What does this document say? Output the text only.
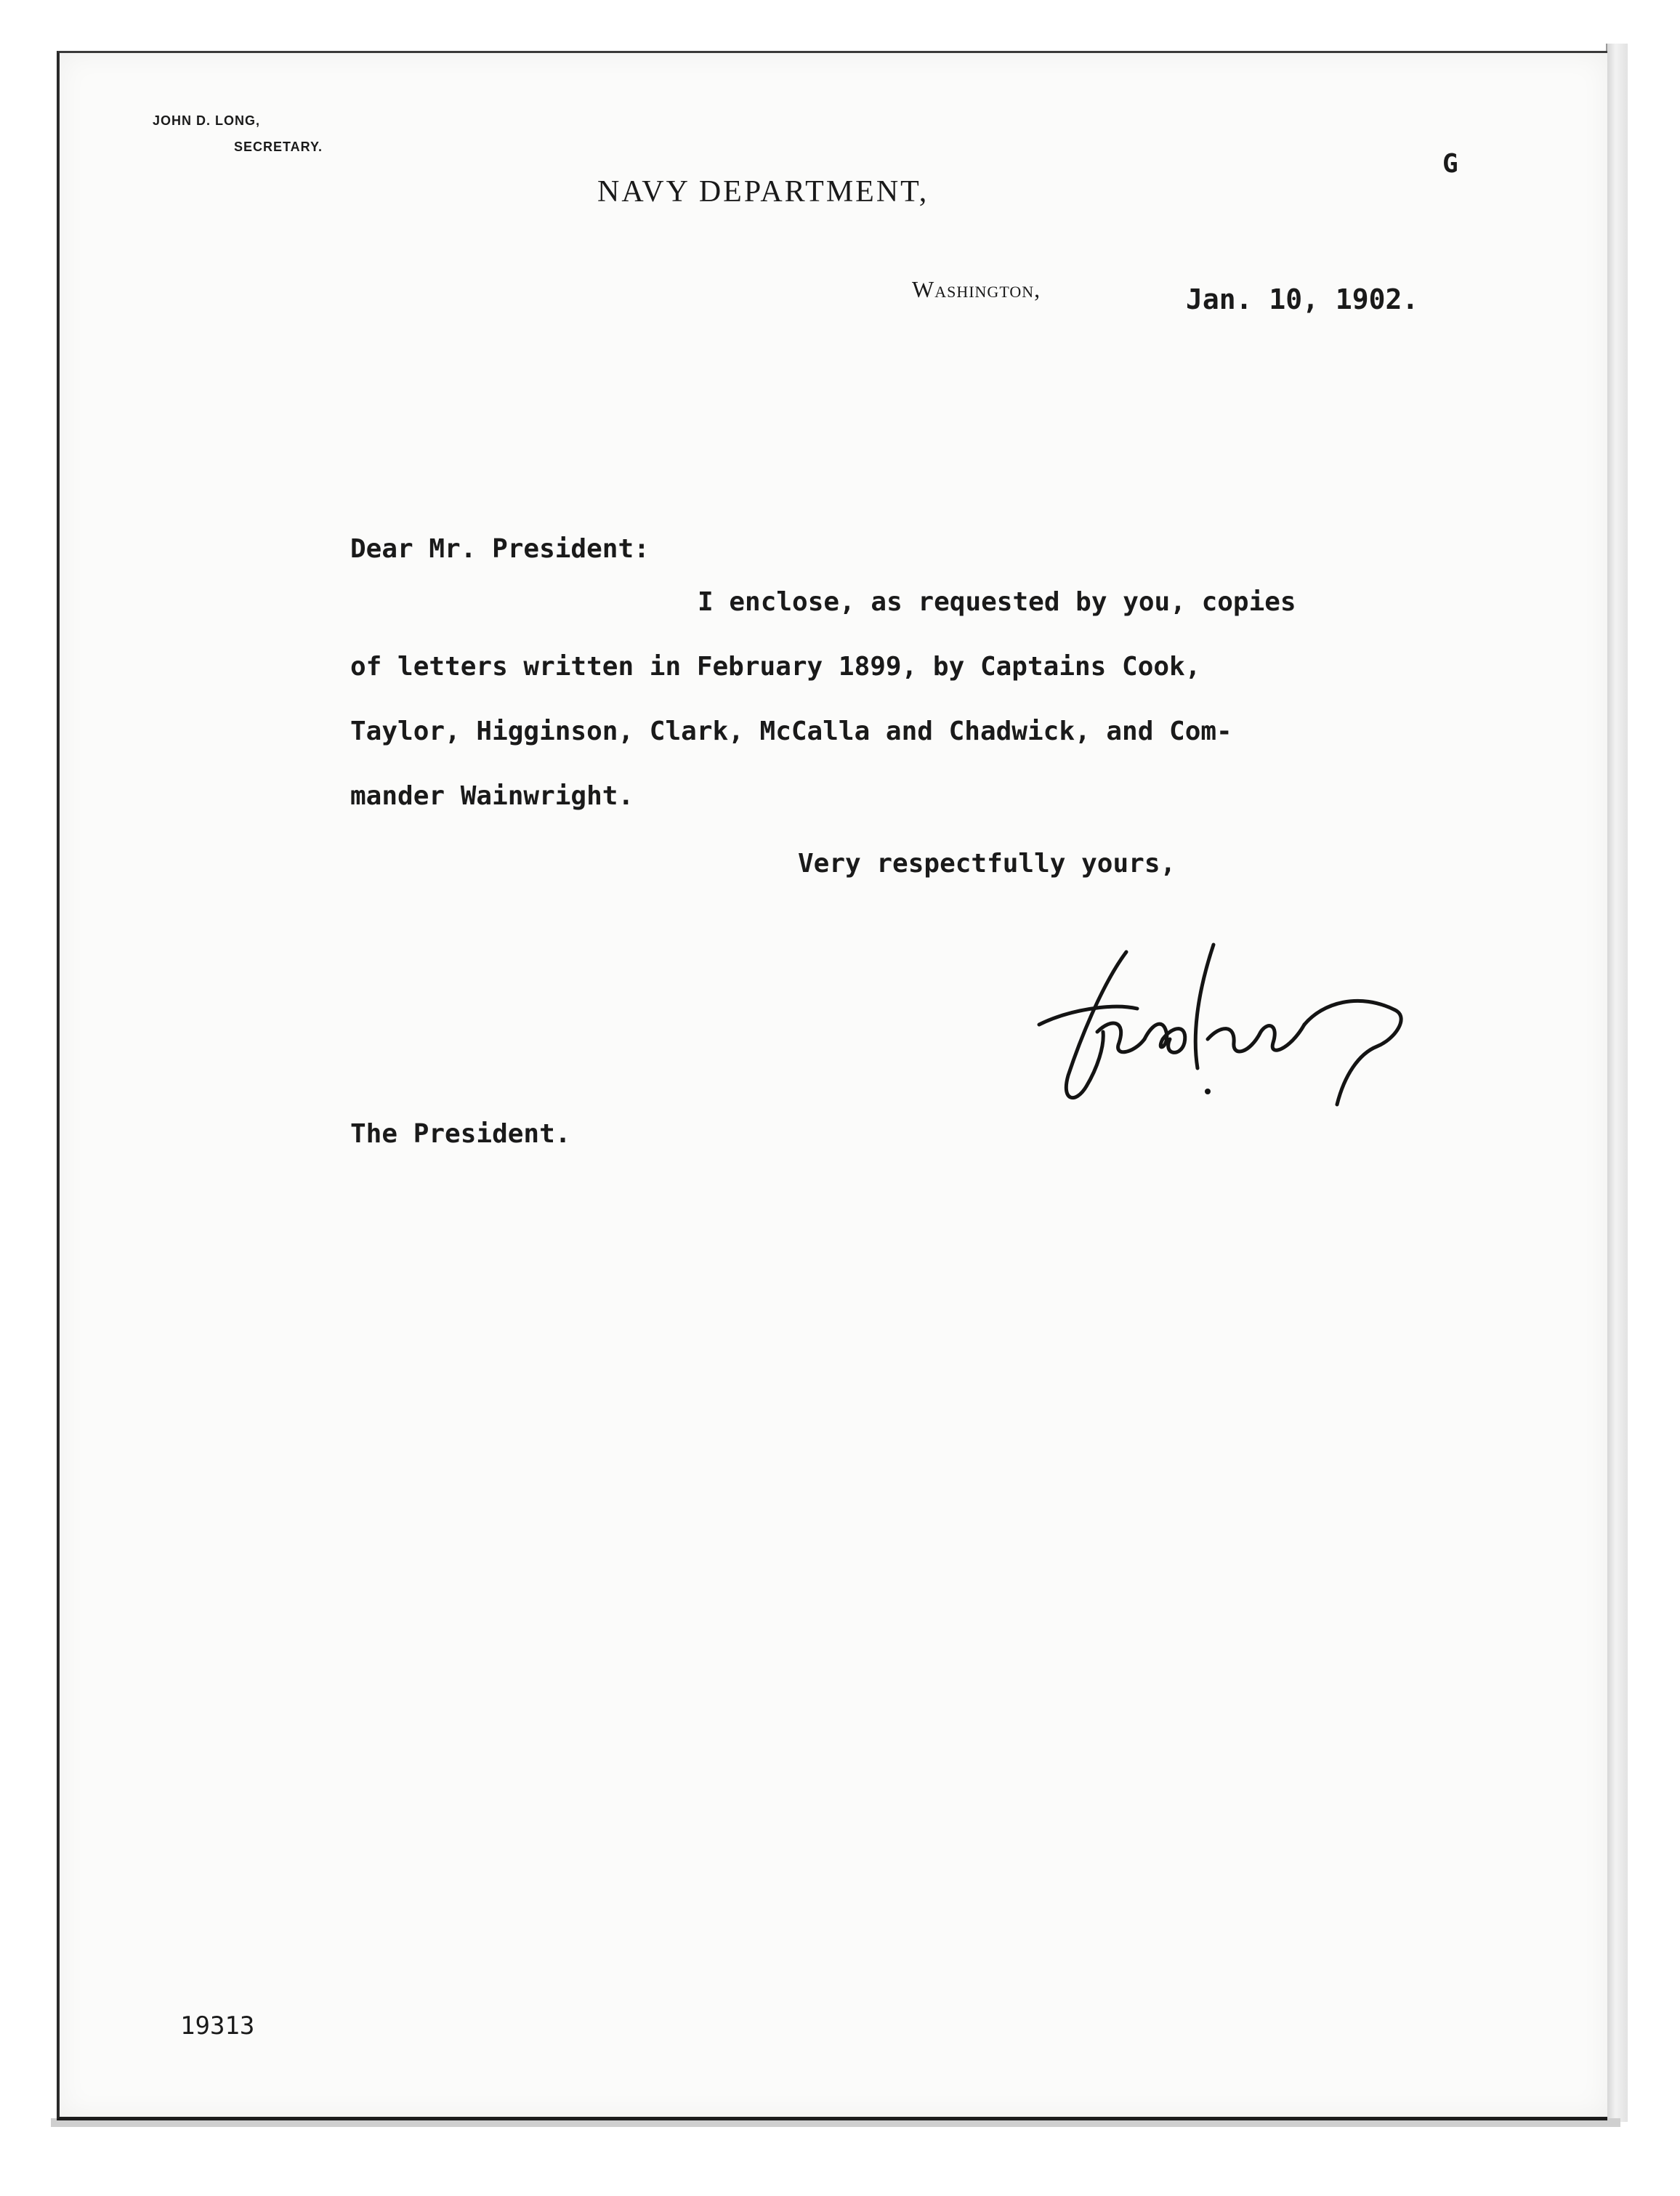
JOHN D. LONG,
SECRETARY.
NAVY DEPARTMENT,
G
Washington,	Jan. 10, 1902.
Dear Mr. President:
I enclose, as requested by you, copies
of letters written in February 1899, by Captains Cook,
Taylor, Higginson, Clark, McCalla and Chadwick, and Com-
mander Wainwright.
Very respectfully yours,
The President.
19313
